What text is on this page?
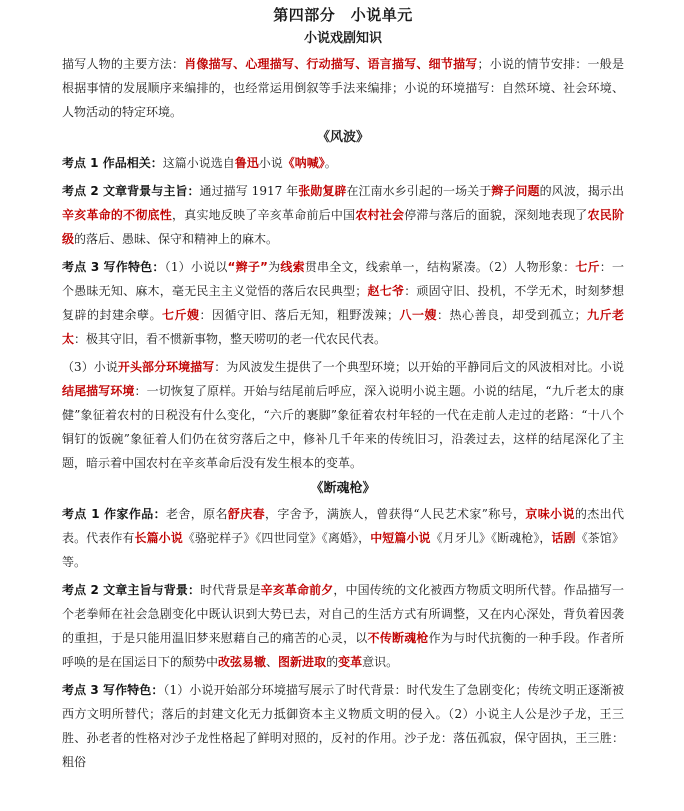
第四部分　小说单元
小说戏剧知识
描写人物的主要方法：肖像描写、心理描写、行动描写、语言描写、细节描写；小说的情节安排：一般是根据事情的发展顺序来编排的，也经常运用倒叙等手法来编排；小说的环境描写：自然环境、社会环境、人物活动的特定环境。
《风波》
考点 1 作品相关：这篇小说选自鲁迅小说《呐喊》。
考点 2 文章背景与主旨：通过描写 1917 年张勋复辟在江南水乡引起的一场关于辫子问题的风波，揭示出辛亥革命的不彻底性，真实地反映了辛亥革命前后中国农村社会停滞与落后的面貌，深刻地表现了农民阶级的落后、愚昧、保守和精神上的麻木。
考点 3 写作特色：（1）小说以“辫子”为线索贯串全文，线索单一，结构紧凑。（2）人物形象：七斤：一个愚昧无知、麻木，毫无民主主义觉悟的落后农民典型；赵七爷：顽固守旧、投机，不学无术，时刻梦想复辟的封建余孽。七斤嫂：因循守旧、落后无知，粗野泼辣；八一嫂：热心善良，却受到孤立；九斤老太：极其守旧，看不惯新事物，整天唠叨的老一代农民代表。
（3）小说开头部分环境描写：为风波发生提供了一个典型环境；以开始的平静同后文的风波相对比。小说结尾描写环境：一切恢复了原样。开始与结尾前后呼应，深入说明小说主题。小说的结尾，“九斤老太的康健”象征着农村的日税没有什么变化，“六斤的裹脚”象征着农村年轻的一代在走前人走过的老路：“十八个铜钉的饭碗”象征着人们仍在贫穷落后之中，修补几千年来的传统旧习，沿袭过去，这样的结尾深化了主题，暗示着中国农村在辛亥革命后没有发生根本的变革。
《断魂枪》
考点 1 作家作品：老舍，原名舒庆春，字舍予，满族人，曾获得“人民艺术家”称号，京味小说的杰出代表。代表作有长篇小说《骆驼样子》《四世同堂》《离婚》，中短篇小说《月牙儿》《断魂枪》，话剧《茶馆》等。
考点 2 文章主旨与背景：时代背景是辛亥革命前夕，中国传统的文化被西方物质文明所代替。作品描写一个老拳师在社会急剧变化中既认识到大势已去，对自己的生活方式有所调整，又在内心深处，背负着因袭的重担，于是只能用温旧梦来慰藉自己的痛苦的心灵，以不传断魂枪作为与时代抗衡的一种手段。作者所呼唤的是在国运日下的颓势中改弦易辙、图新进取的变革意识。
考点 3 写作特色：（1）小说开始部分环境描写展示了时代背景：时代发生了急剧变化；传统文明正逐渐被西方文明所替代；落后的封建文化无力抵御资本主义物质文明的侵入。（2）小说主人公是沙子龙，王三胜、孙老者的性格对沙子龙性格起了鲜明对照的，反衬的作用。沙子龙：落伍孤寂，保守固执，王三胜：粗俗
